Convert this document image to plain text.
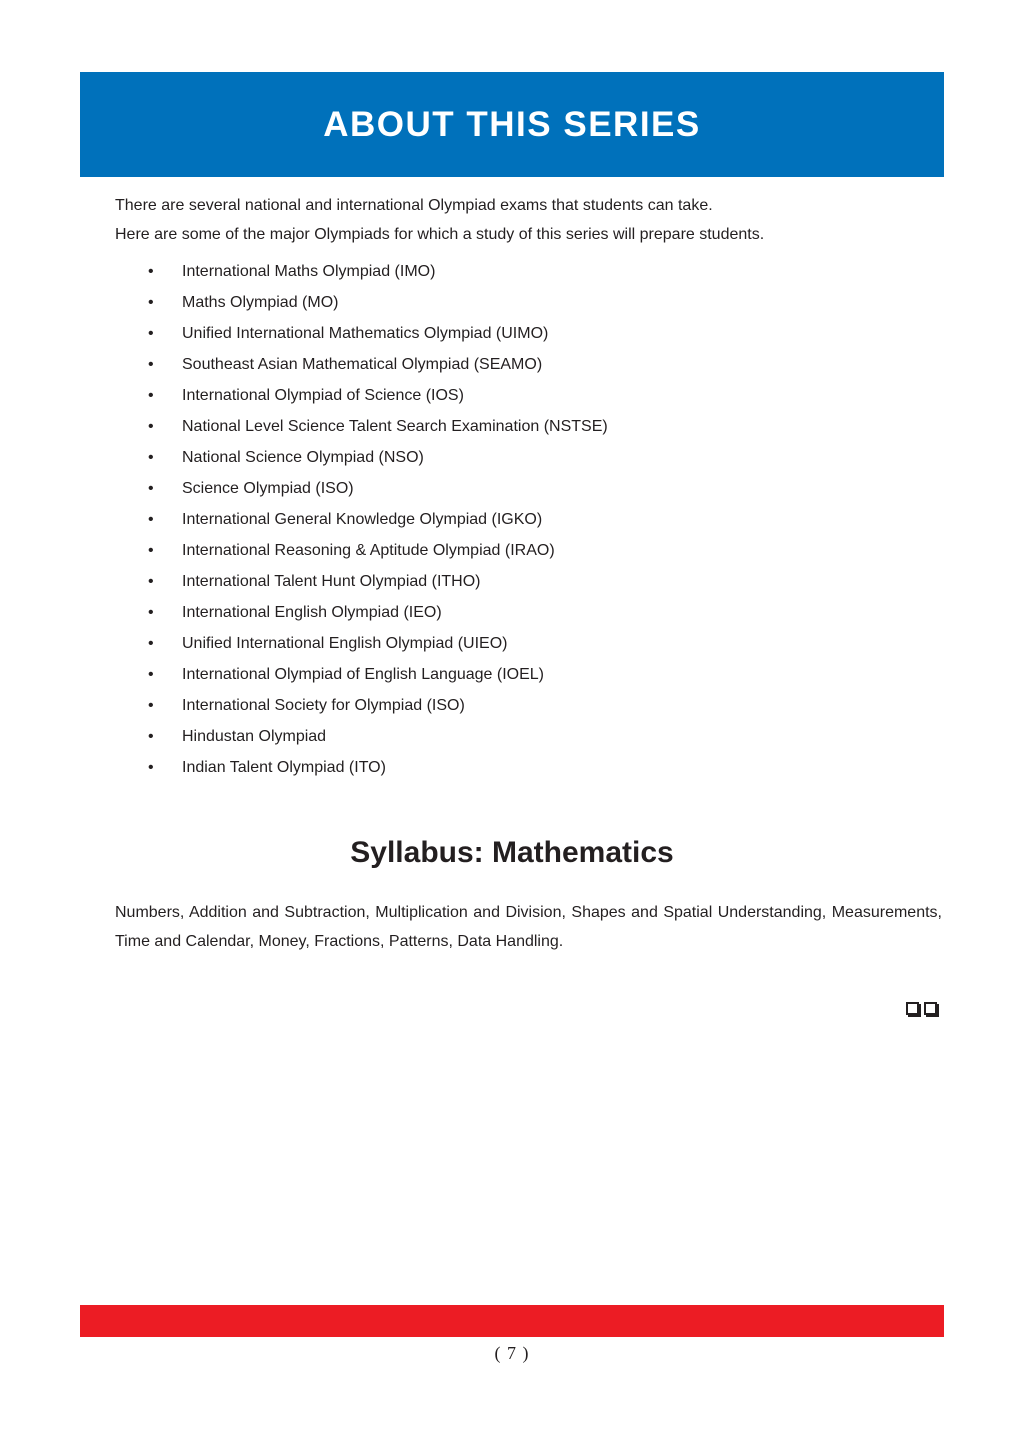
ABOUT THIS SERIES
There are several national and international Olympiad exams that students can take.
Here are some of the major Olympiads for which a study of this series will prepare students.
•	International Maths Olympiad (IMO)
•	Maths Olympiad (MO)
•	Unified International Mathematics Olympiad (UIMO)
•	Southeast Asian Mathematical Olympiad (SEAMO)
•	International Olympiad of Science (IOS)
•	National Level Science Talent Search Examination (NSTSE)
•	National Science Olympiad (NSO)
•	Science Olympiad (ISO)
•	International General Knowledge Olympiad (IGKO)
•	International Reasoning & Aptitude Olympiad (IRAO)
•	International Talent Hunt Olympiad (ITHO)
•	International English Olympiad (IEO)
•	Unified International English Olympiad (UIEO)
•	International Olympiad of English Language (IOEL)
•	International Society for Olympiad (ISO)
•	Hindustan Olympiad
•	Indian Talent Olympiad (ITO)
Syllabus: Mathematics

Numbers, Addition and Subtraction, Multiplication and Division, Shapes and Spatial Understanding, Measurements, Time and Calendar, Money, Fractions, Patterns, Data Handling.

( 7 )
